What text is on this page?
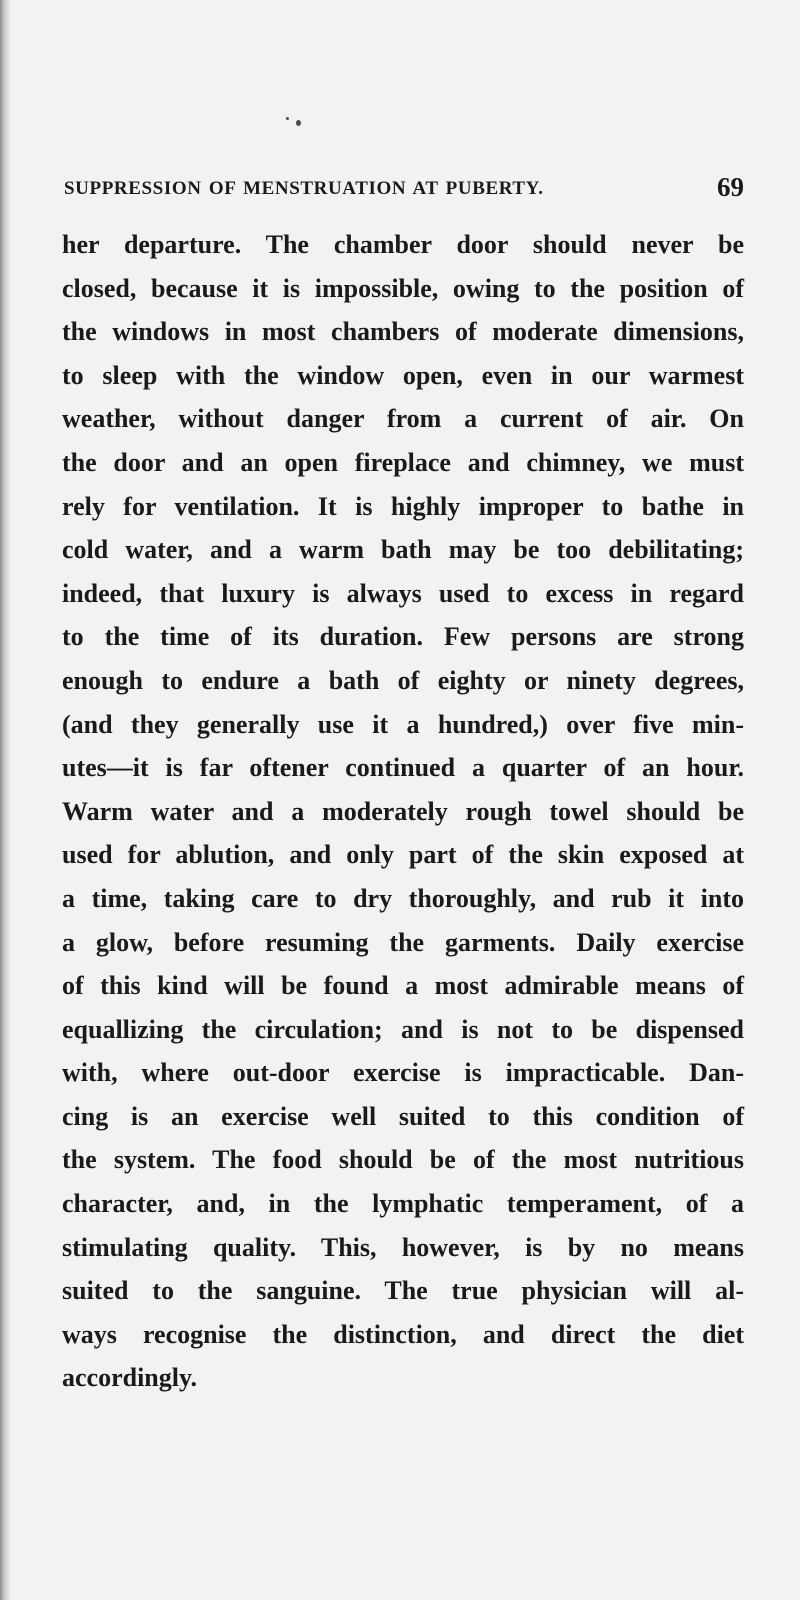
SUPPRESSION OF MENSTRUATION AT PUBERTY.	69
her departure. The chamber door should never be
closed, because it is impossible, owing to the position of
the windows in most chambers of moderate dimensions,
to sleep with the window open, even in our warmest
weather, without danger from a current of air. On
the door and an open fireplace and chimney, we must
rely for ventilation. It is highly improper to bathe in
cold water, and a warm bath may be too debilitating;
indeed, that luxury is always used to excess in regard
to the time of its duration. Few persons are strong
enough to endure a bath of eighty or ninety degrees,
(and they generally use it a hundred,) over five min-
utes—it is far oftener continued a quarter of an hour.
Warm water and a moderately rough towel should be
used for ablution, and only part of the skin exposed at
a time, taking care to dry thoroughly, and rub it into
a glow, before resuming the garments. Daily exercise
of this kind will be found a most admirable means of
equallizing the circulation; and is not to be dispensed
with, where out-door exercise is impracticable. Dan-
cing is an exercise well suited to this condition of
the system. The food should be of the most nutritious
character, and, in the lymphatic temperament, of a
stimulating quality. This, however, is by no means
suited to the sanguine. The true physician will al-
ways recognise the distinction, and direct the diet
accordingly.
